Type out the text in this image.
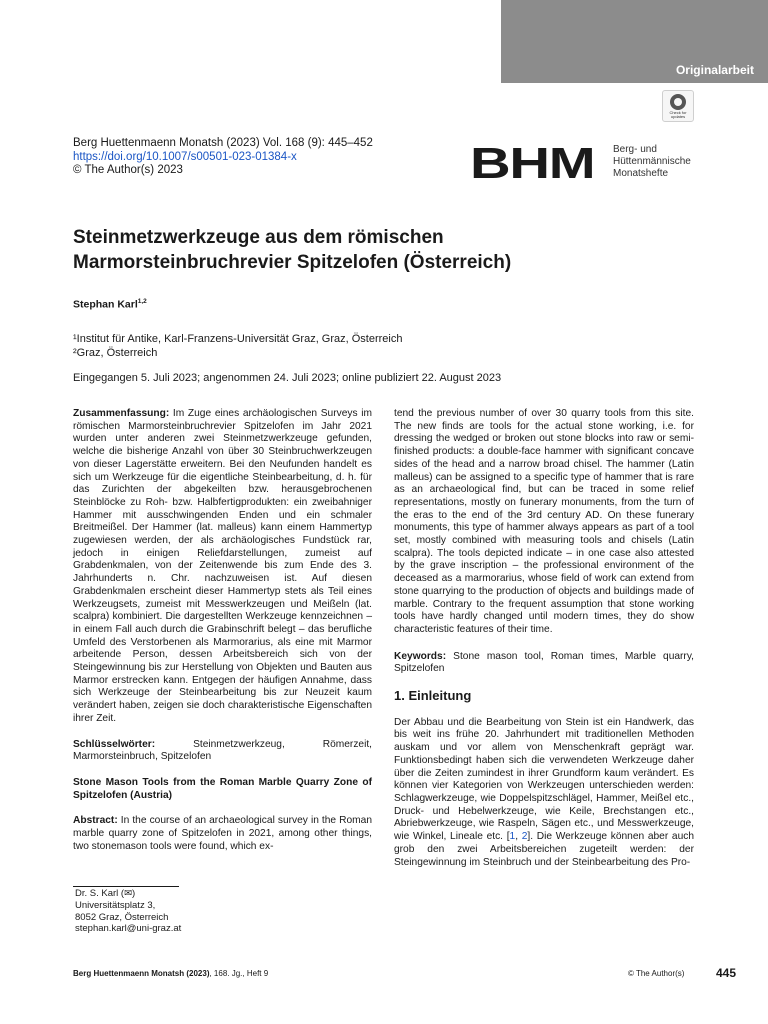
Originalarbeit
Check for updates
Berg Huettenmaenn Monatsh (2023) Vol. 168 (9): 445–452
https://doi.org/10.1007/s00501-023-01384-x
© The Author(s) 2023	BHM Berg- und
Hüttenmännische
Monatshefte
Steinmetzwerkzeuge aus dem römischen
Marmorsteinbruchrevier Spitzelofen (Österreich)
Stephan Karl$^{1,2}$
¹Institut für Antike, Karl-Franzens-Universität Graz, Graz, Österreich
²Graz, Österreich
Eingegangen 5. Juli 2023; angenommen 24. Juli 2023; online publiziert 22. August 2023

Zusammenfassung: Im Zuge eines archäologischen Surveys im römischen Marmorsteinbruchrevier Spitzelofen im Jahr 2021 wurden unter anderen zwei Steinmetzwerkzeuge gefunden, welche die bisherige Anzahl von über 30 Steinbruchwerkzeugen von dieser Lagerstätte erweitern. Bei den Neufunden handelt es sich um Werkzeuge für die eigentliche Steinbearbeitung, d. h. für das Zurichten der abgekeilten bzw. herausgebrochenen Steinblöcke zu Roh- bzw. Halbfertigprodukten: ein zweibahniger Hammer mit ausschwingenden Enden und ein schmaler Breitmeißel. Der Hammer (lat. malleus) kann einem Hammertyp zugewiesen werden, der als archäologisches Fundstück rar, jedoch in einigen Reliefdarstellungen, zumeist auf Grabdenkmalen, von der Zeitenwende bis zum Ende des 3. Jahrhunderts n. Chr. nachzuweisen ist. Auf diesen Grabdenkmalen erscheint dieser Hammertyp stets als Teil eines Werkzeugsets, zumeist mit Messwerkzeugen und Meißeln (lat. scalpra) kombiniert. Die dargestellten Werkzeuge kennzeichnen – in einem Fall auch durch die Grabinschrift belegt – das berufliche Umfeld des Verstorbenen als Marmorarius, als eine mit Marmor arbeitende Person, dessen Arbeitsbereich sich von der Steingewinnung bis zur Herstellung von Objekten und Bauten aus Marmor erstrecken kann. Entgegen der häufigen Annahme, dass sich Werkzeuge der Steinbearbeitung bis zur Neuzeit kaum verändert haben, zeigen sie doch charakteristische Eigenschaften ihrer Zeit.

Schlüsselwörter:	Steinmetzwerkzeug, Römerzeit, Marmorsteinbruch, Spitzelofen

Stone Mason Tools from the Roman Marble Quarry Zone of Spitzelofen (Austria)

Abstract: In the course of an archaeological survey in the Roman marble quarry zone of Spitzelofen in 2021, among other things, two stonemason tools were found, which ex-

Dr. S. Karl (✉)
Universitätsplatz 3,
8052 Graz, Österreich
stephan.karl@uni-graz.at

tend the previous number of over 30 quarry tools from this site. The new finds are tools for the actual stone working, i.e. for dressing the wedged or broken out stone blocks into raw or semi-finished products: a double-face hammer with significant concave sides of the head and a narrow broad chisel. The hammer (Latin malleus) can be assigned to a specific type of hammer that is rare as an archaeological find, but can be traced in some relief representations, mostly on funerary monuments, from the turn of the eras to the end of the 3rd century AD. On these funerary monuments, this type of hammer always appears as part of a tool set, mostly combined with measuring tools and chisels (Latin scalpra). The tools depicted indicate – in one case also attested by the grave inscription – the professional environment of the deceased as a marmorarius, whose field of work can extend from stone quarrying to the production of objects and buildings made of marble. Contrary to the frequent assumption that stone working tools have hardly changed until modern times, they do show characteristic features of their time.

Keywords: Stone mason tool, Roman times, Marble quarry, Spitzelofen

1. Einleitung

Der Abbau und die Bearbeitung von Stein ist ein Handwerk, das bis weit ins frühe 20. Jahrhundert mit traditionellen Methoden auskam und vor allem von Menschenkraft geprägt war. Funktionsbedingt haben sich die verwendeten Werkzeuge daher über die Zeiten zumindest in ihrer Grundform kaum verändert. Es können vier Kategorien von Werkzeugen unterschieden werden: Schlagwerkzeuge, wie Doppelspitzschlägel, Hammer, Meißel etc., Druck- und Hebelwerkzeuge, wie Keile, Brechstangen etc., Abriebwerkzeuge, wie Raspeln, Sägen etc., und Messwerkzeuge, wie Winkel, Lineale etc. [1, 2]. Die Werkzeuge können aber auch grob den zwei Arbeitsbereichen zugeteilt werden: der Steingewinnung im Steinbruch und der Steinbearbeitung des Pro-

Berg Huettenmaenn Monatsh (2023), 168. Jg., Heft 9	© The Author(s)	445
